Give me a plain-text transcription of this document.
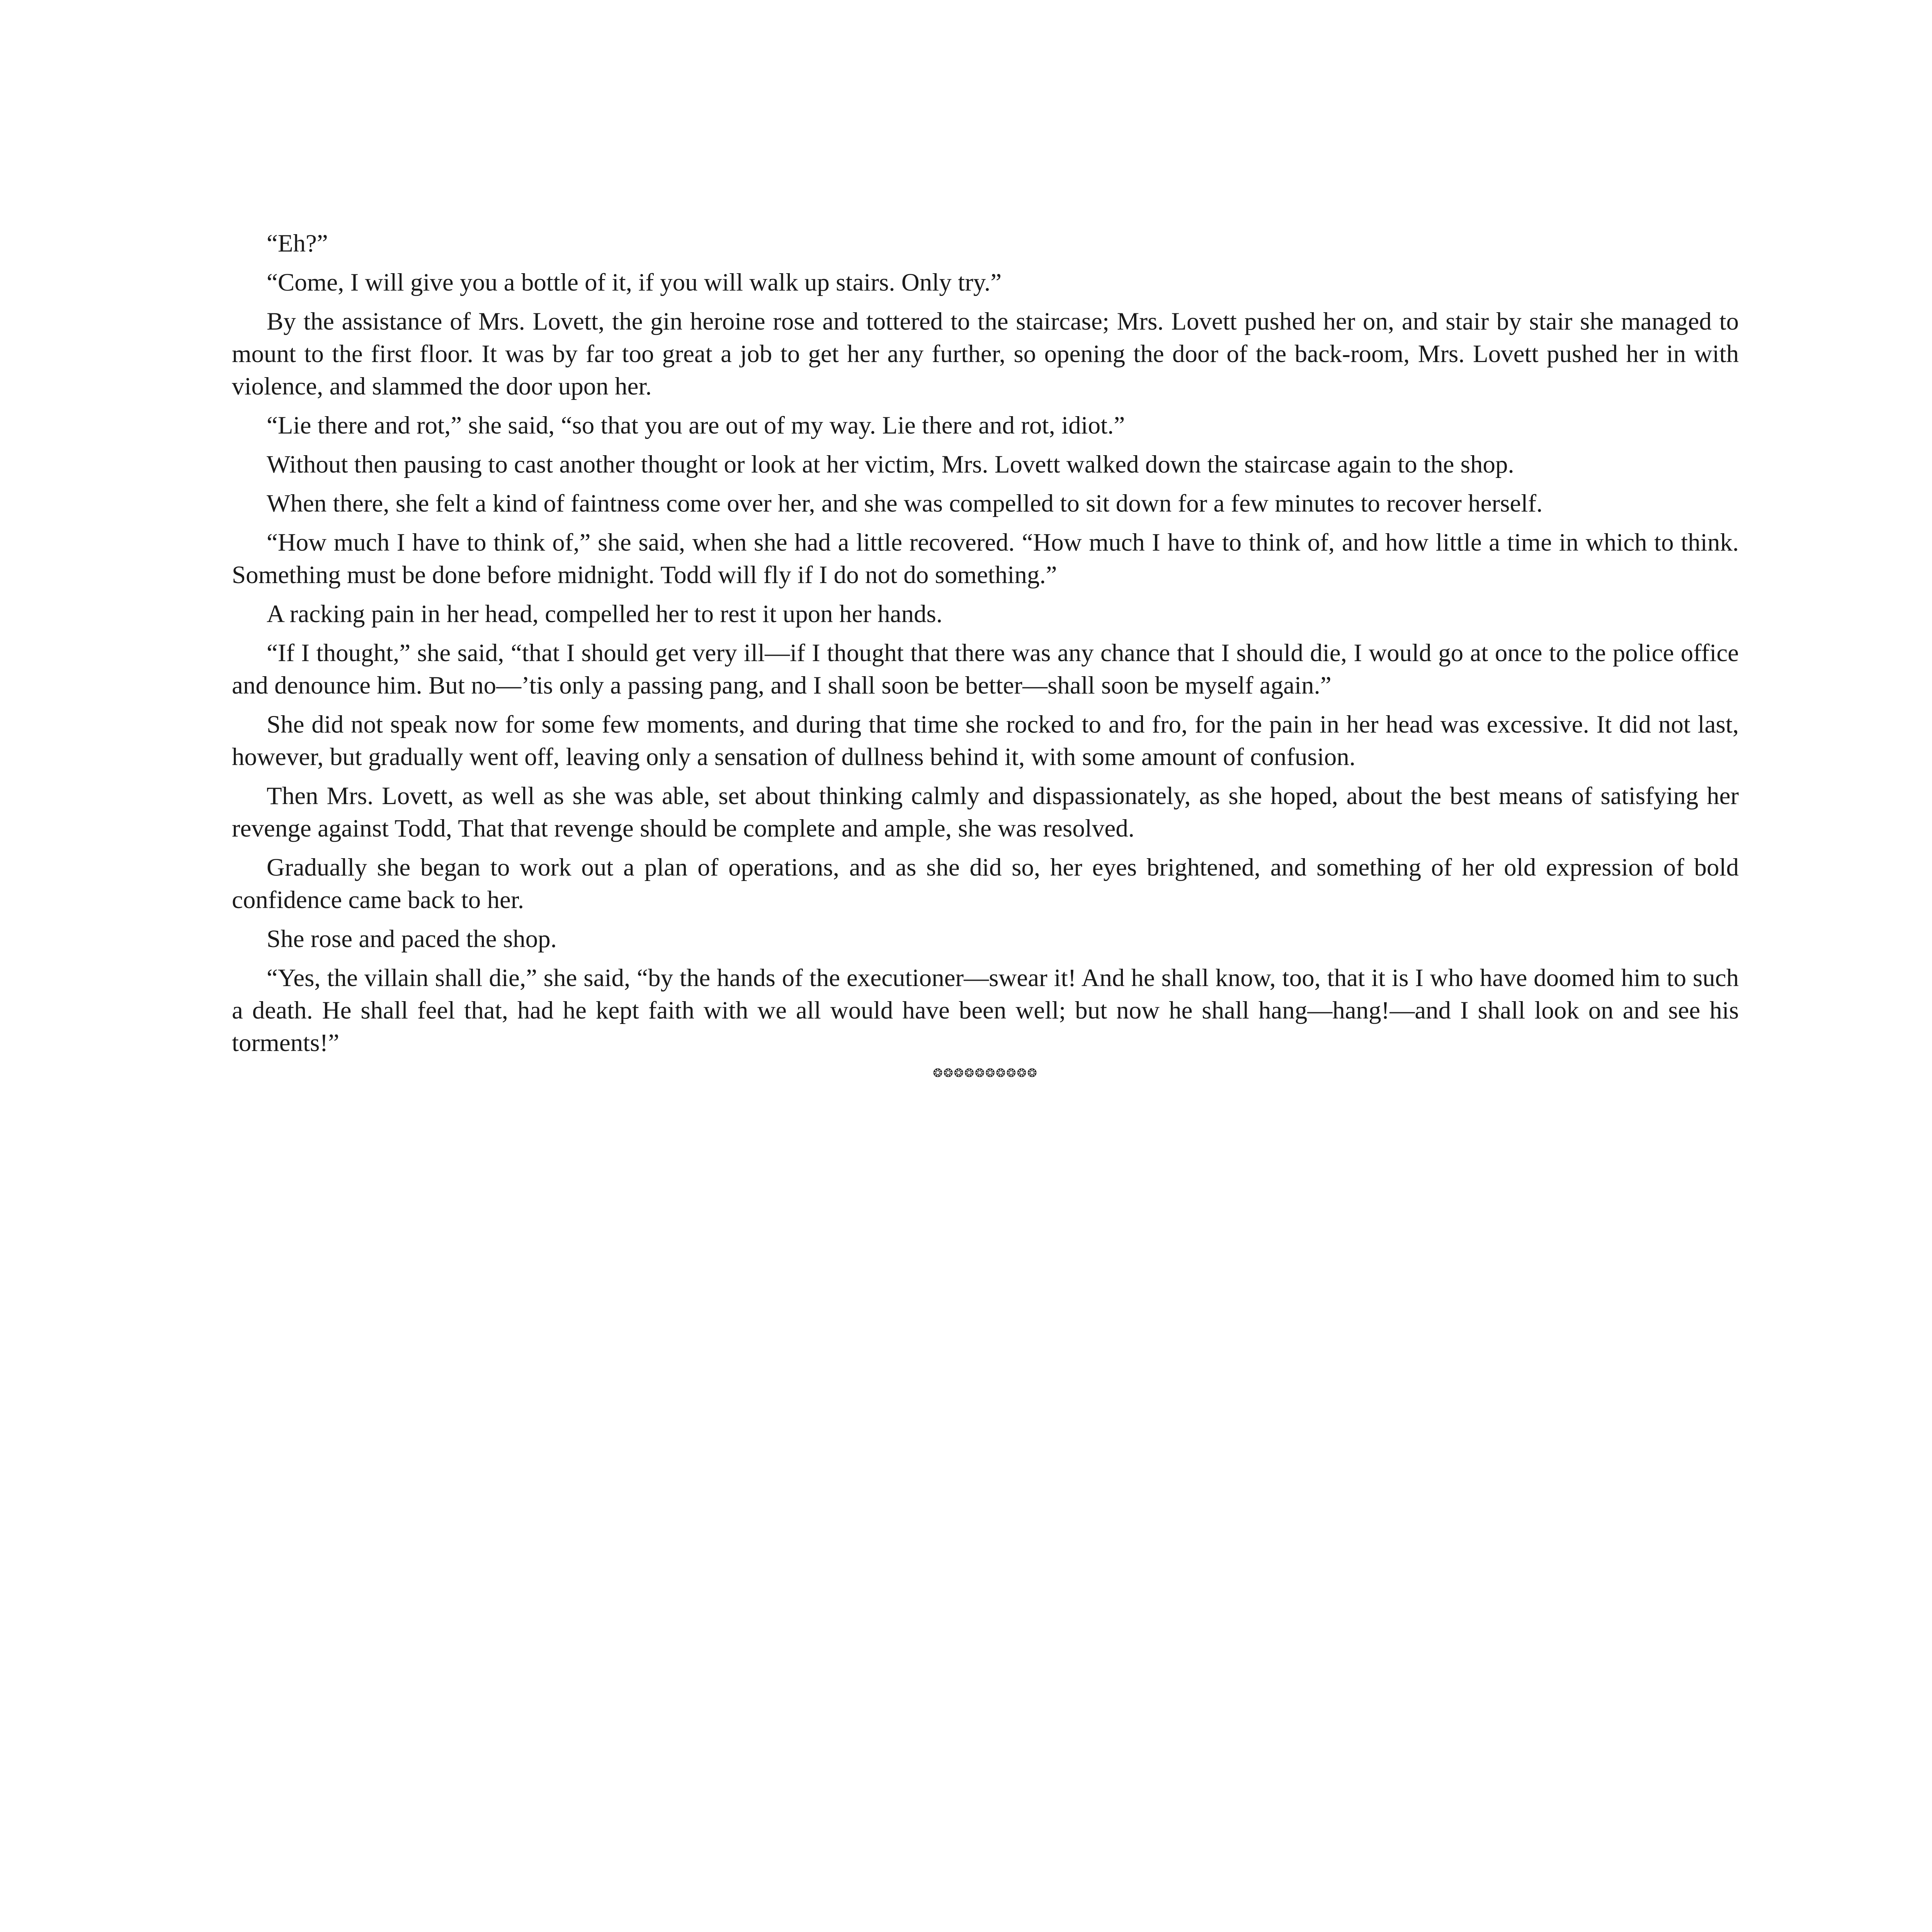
“Eh?”

“Come, I will give you a bottle of it, if you will walk up stairs. Only try.”

By the assistance of Mrs. Lovett, the gin heroine rose and tottered to the staircase; Mrs. Lovett pushed her on, and stair by stair she managed to mount to the first floor. It was by far too great a job to get her any further, so opening the door of the back-room, Mrs. Lovett pushed her in with violence, and slammed the door upon her.

“Lie there and rot,” she said, “so that you are out of my way. Lie there and rot, idiot.”

Without then pausing to cast another thought or look at her victim, Mrs. Lovett walked down the staircase again to the shop.

When there, she felt a kind of faintness come over her, and she was compelled to sit down for a few minutes to recover herself.

“How much I have to think of,” she said, when she had a little recovered. “How much I have to think of, and how little a time in which to think. Something must be done before midnight. Todd will fly if I do not do something.”

A racking pain in her head, compelled her to rest it upon her hands.

“If I thought,” she said, “that I should get very ill—if I thought that there was any chance that I should die, I would go at once to the police office and denounce him. But no—’tis only a passing pang, and I shall soon be better—shall soon be myself again.”

She did not speak now for some few moments, and during that time she rocked to and fro, for the pain in her head was excessive. It did not last, however, but gradually went off, leaving only a sensation of dullness behind it, with some amount of confusion.

Then Mrs. Lovett, as well as she was able, set about thinking calmly and dispassionately, as she hoped, about the best means of satisfying her revenge against Todd, That that revenge should be complete and ample, she was resolved.

Gradually she began to work out a plan of operations, and as she did so, her eyes brightened, and something of her old expression of bold confidence came back to her.

She rose and paced the shop.

“Yes, the villain shall die,” she said, “by the hands of the executioner—swear it! And he shall know, too, that it is I who have doomed him to such a death. He shall feel that, had he kept faith with we all would have been well; but now he shall hang—hang!—and I shall look on and see his torments!”

❂❂❂❂❂❂❂❂❂❂
